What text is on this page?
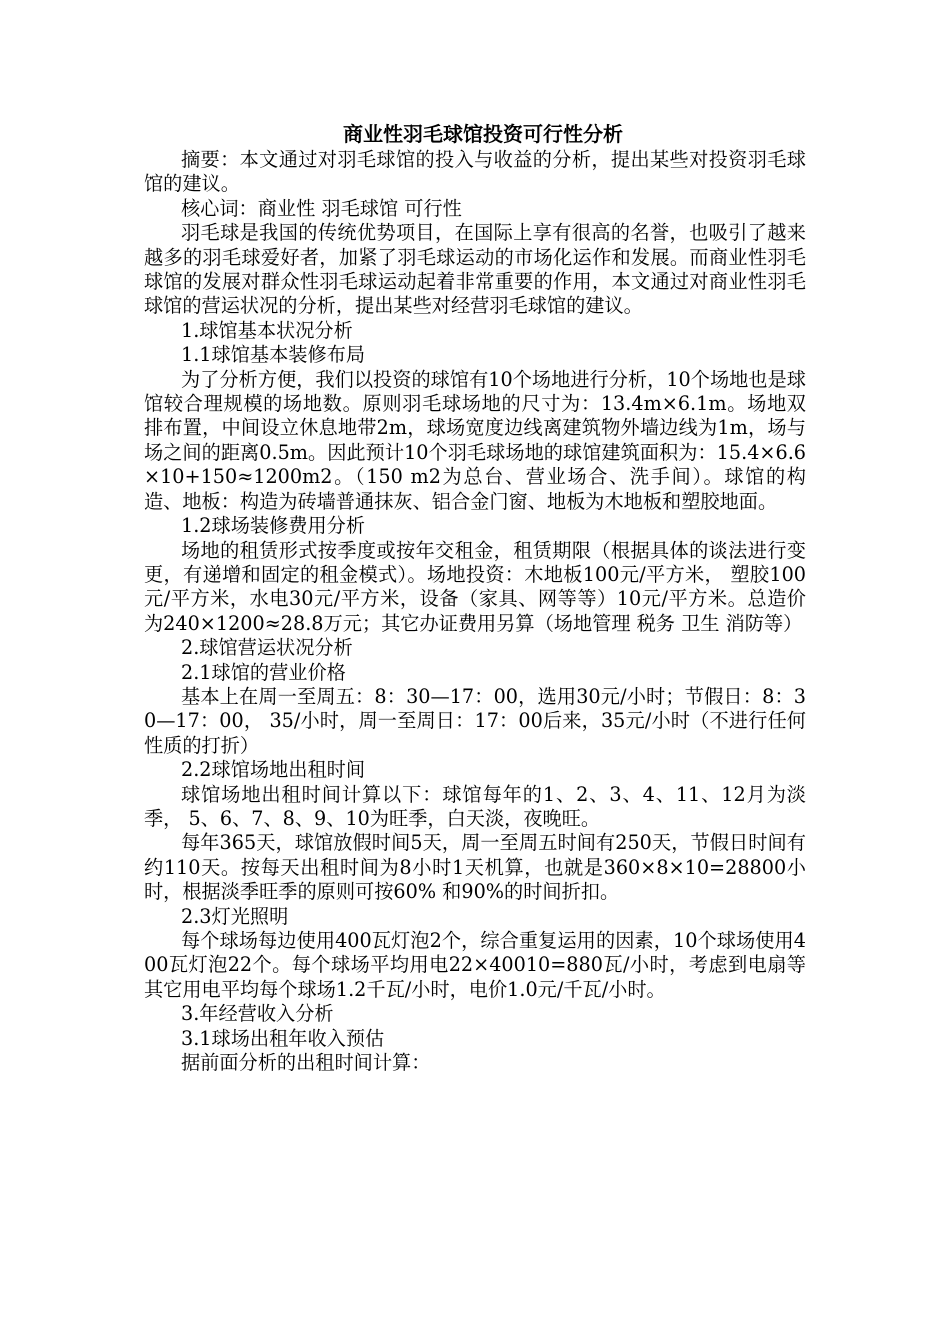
商业性羽毛球馆投资可行性分析

摘要：本文通过对羽毛球馆的投入与收益的分析，提出某些对投资羽毛球馆的建议。

核心词：商业性 羽毛球馆 可行性

羽毛球是我国的传统优势项目，在国际上享有很高的名誉，也吸引了越来越多的羽毛球爱好者，加紧了羽毛球运动的市场化运作和发展。而商业性羽毛球馆的发展对群众性羽毛球运动起着非常重要的作用，本文通过对商业性羽毛球馆的营运状况的分析，提出某些对经营羽毛球馆的建议。

1.球馆基本状况分析

1.1球馆基本装修布局

为了分析方便，我们以投资的球馆有10个场地进行分析，10个场地也是球馆较合理规模的场地数。原则羽毛球场地的尺寸为：13.4m×6.1m。场地双排布置，中间设立休息地带2m，球场宽度边线离建筑物外墙边线为1m，场与场之间的距离0.5m。因此预计10个羽毛球场地的球馆建筑面积为：15.4×6.6×10+150≈1200m2。（150 m2为总台、营业场合、洗手间）。球馆的构造、地板：构造为砖墙普通抹灰、铝合金门窗、地板为木地板和塑胶地面。

1.2球场装修费用分析

场地的租赁形式按季度或按年交租金，租赁期限（根据具体的谈法进行变更，有递增和固定的租金模式）。场地投资：木地板100元/平方米， 塑胶100元/平方米，水电30元/平方米，设备（家具、网等等）10元/平方米。总造价为240×1200≈28.8万元；其它办证费用另算（场地管理 税务 卫生 消防等）

2.球馆营运状况分析

2.1球馆的营业价格

基本上在周一至周五：8：30—17：00，选用30元/小时；节假日：8：30—17：00， 35/小时，周一至周日：17：00后来，35元/小时（不进行任何性质的打折）

2.2球馆场地出租时间

球馆场地出租时间计算以下：球馆每年的1、2、3、4、11、12月为淡季， 5、6、7、8、9、10为旺季，白天淡，夜晚旺。

每年365天，球馆放假时间5天，周一至周五时间有250天，节假日时间有约110天。按每天出租时间为8小时1天机算，也就是360×8×10=28800小时，根据淡季旺季的原则可按60% 和90%的时间折扣。

2.3灯光照明

每个球场每边使用400瓦灯泡2个，综合重复运用的因素，10个球场使用400瓦灯泡22个。每个球场平均用电22×40010=880瓦/小时，考虑到电扇等其它用电平均每个球场1.2千瓦/小时，电价1.0元/千瓦/小时。

3.年经营收入分析

3.1球场出租年收入预估

据前面分析的出租时间计算：
